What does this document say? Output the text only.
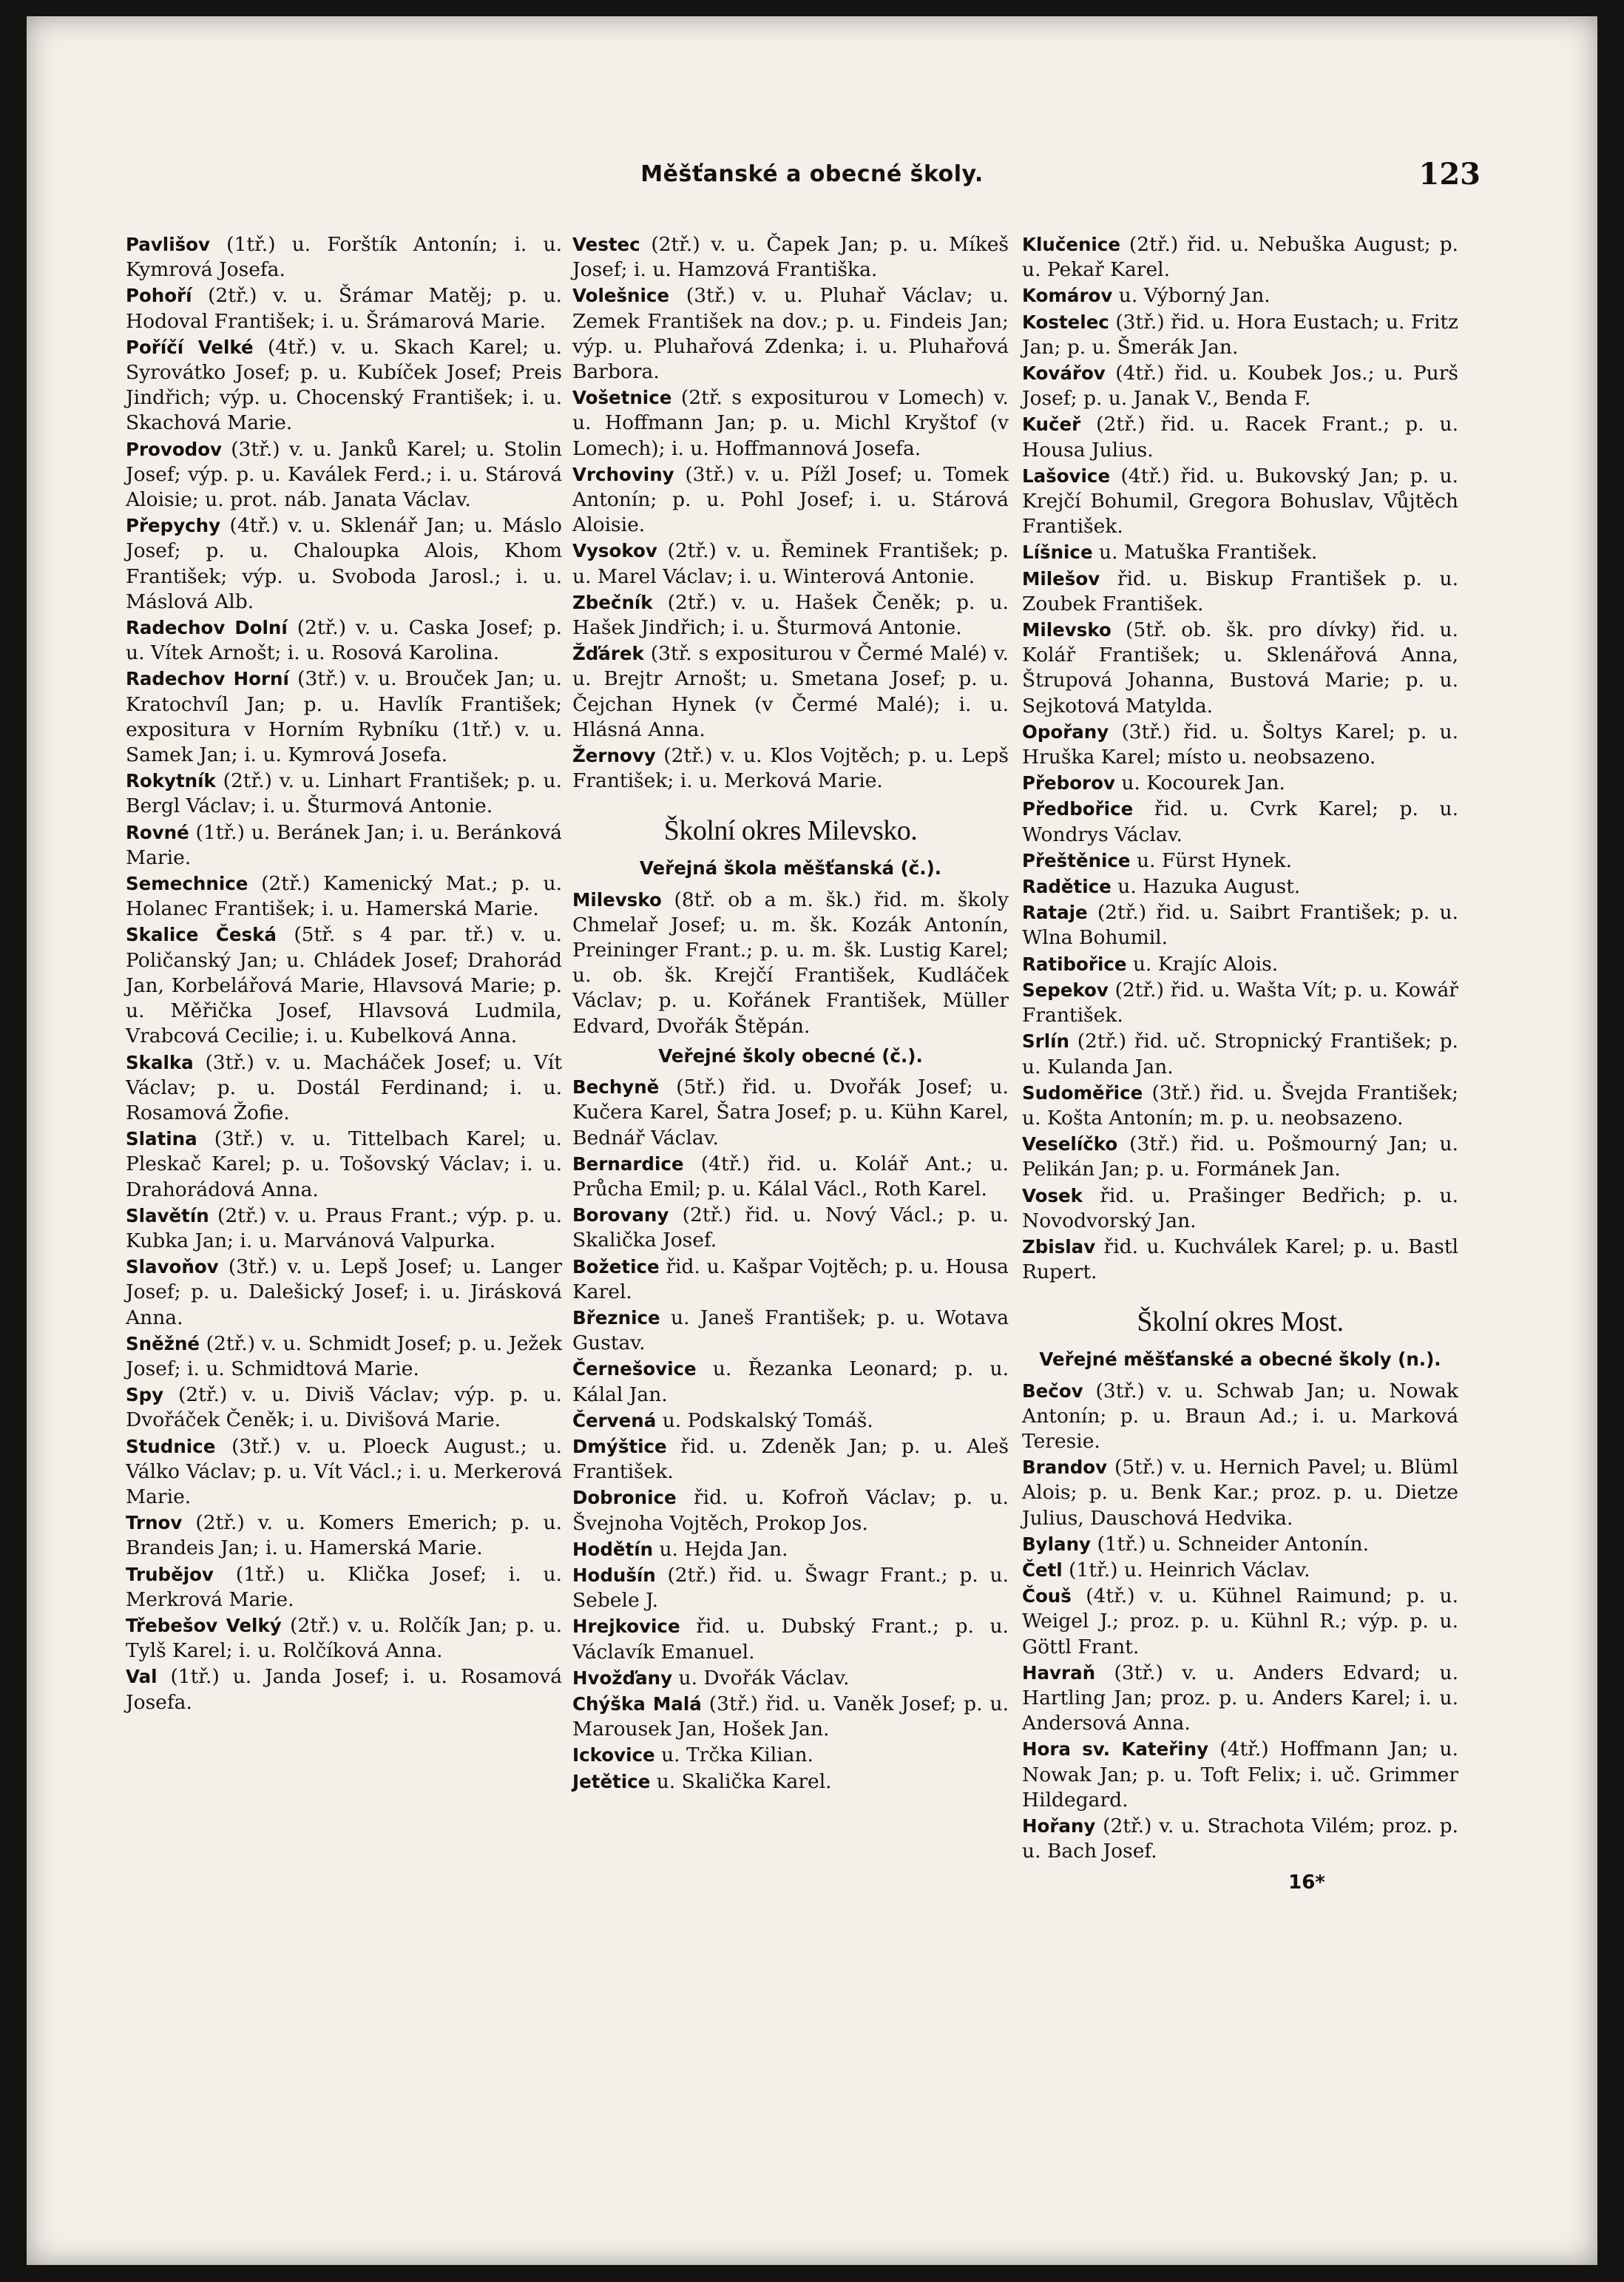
Měšťanské a obecné školy.	123

Pavlišov (1tř.) u. Forštík Antonín; i. u. Kymrová Josefa.

Pohoří (2tř.) v. u. Šrámar Matěj; p. u. Hodoval František; i. u. Šrámarová Marie.

Poříčí Velké (4tř.) v. u. Skach Karel; u. Syrovátko Josef; p. u. Kubíček Josef; Preis Jindřich; výp. u. Chocenský František; i. u. Skachová Marie.

Provodov (3tř.) v. u. Janků Karel; u. Stolin Josef; výp. p. u. Kaválek Ferd.; i. u. Stárová Aloisie; u. prot. náb. Janata Václav.

Přepychy (4tř.) v. u. Sklenář Jan; u. Máslo Josef; p. u. Chaloupka Alois, Khom František; výp. u. Svoboda Jarosl.; i. u. Máslová Alb.

Radechov Dolní (2tř.) v. u. Caska Josef; p. u. Vítek Arnošt; i. u. Rosová Karolina.

Radechov Horní (3tř.) v. u. Brouček Jan; u. Kratochvíl Jan; p. u. Havlík František; expositura v Horním Rybníku (1tř.) v. u. Samek Jan; i. u. Kymrová Josefa.

Rokytník (2tř.) v. u. Linhart František; p. u. Bergl Václav; i. u. Šturmová Antonie.

Rovné (1tř.) u. Beránek Jan; i. u. Beránková Marie.

Semechnice (2tř.) Kamenický Mat.; p. u. Holanec František; i. u. Hamerská Marie.

Skalice Česká (5tř. s 4 par. tř.) v. u. Poličanský Jan; u. Chládek Josef; Drahorád Jan, Korbelářová Marie, Hlavsová Marie; p. u. Měřička Josef, Hlavsová Ludmila, Vrabcová Cecilie; i. u. Kubelková Anna.

Skalka (3tř.) v. u. Macháček Josef; u. Vít Václav; p. u. Dostál Ferdinand; i. u. Rosamová Žofie.

Slatina (3tř.) v. u. Tittelbach Karel; u. Pleskač Karel; p. u. Tošovský Václav; i. u. Drahorádová Anna.

Slavětín (2tř.) v. u. Praus Frant.; výp. p. u. Kubka Jan; i. u. Marvánová Valpurka.

Slavoňov (3tř.) v. u. Lepš Josef; u. Langer Josef; p. u. Dalešický Josef; i. u. Jirásková Anna.

Sněžné (2tř.) v. u. Schmidt Josef; p. u. Ježek Josef; i. u. Schmidtová Marie.

Spy (2tř.) v. u. Diviš Václav; výp. p. u. Dvořáček Čeněk; i. u. Divišová Marie.

Studnice (3tř.) v. u. Ploeck August.; u. Válko Václav; p. u. Vít Václ.; i. u. Merkerová Marie.

Trnov (2tř.) v. u. Komers Emerich; p. u. Brandeis Jan; i. u. Hamerská Marie.

Trubějov (1tř.) u. Klička Josef; i. u. Merkrová Marie.

Třebešov Velký (2tř.) v. u. Rolčík Jan; p. u. Tylš Karel; i. u. Rolčíková Anna.

Val (1tř.) u. Janda Josef; i. u. Rosamová Josefa.

Vestec (2tř.) v. u. Čapek Jan; p. u. Míkeš Josef; i. u. Hamzová Františka.

Volešnice (3tř.) v. u. Pluhař Václav; u. Zemek František na dov.; p. u. Findeis Jan; výp. u. Pluhařová Zdenka; i. u. Pluhařová Barbora.

Vošetnice (2tř. s expositurou v Lomech) v. u. Hoffmann Jan; p. u. Michl Kryštof (v Lomech); i. u. Hoffmannová Josefa.

Vrchoviny (3tř.) v. u. Pížl Josef; u. Tomek Antonín; p. u. Pohl Josef; i. u. Stárová Aloisie.

Vysokov (2tř.) v. u. Řeminek František; p. u. Marel Václav; i. u. Winterová Antonie.

Zbečník (2tř.) v. u. Hašek Čeněk; p. u. Hašek Jindřich; i. u. Šturmová Antonie.

Žďárek (3tř. s expositurou v Čermé Malé) v. u. Brejtr Arnošt; u. Smetana Josef; p. u. Čejchan Hynek (v Čermé Malé); i. u. Hlásná Anna.

Žernovy (2tř.) v. u. Klos Vojtěch; p. u. Lepš František; i. u. Merková Marie.

Školní okres Milevsko.
Veřejná škola měšťanská (č.).

Milevsko (8tř. ob a m. šk.) řid. m. školy Chmelař Josef; u. m. šk. Kozák Antonín, Preininger Frant.; p. u. m. šk. Lustig Karel; u. ob. šk. Krejčí František, Kudláček Václav; p. u. Kořánek František, Müller Edvard, Dvořák Štěpán.

Veřejné školy obecné (č.).

Bechyně (5tř.) řid. u. Dvořák Josef; u. Kučera Karel, Šatra Josef; p. u. Kühn Karel, Bednář Václav.

Bernardice (4tř.) řid. u. Kolář Ant.; u. Průcha Emil; p. u. Kálal Václ., Roth Karel.

Borovany (2tř.) řid. u. Nový Václ.; p. u. Skalička Josef.

Božetice řid. u. Kašpar Vojtěch; p. u. Housa Karel.

Březnice u. Janeš František; p. u. Wotava Gustav.

Černešovice u. Řezanka Leonard; p. u. Kálal Jan.

Červená u. Podskalský Tomáš.

Dmýštice řid. u. Zdeněk Jan; p. u. Aleš František.

Dobronice řid. u. Kofroň Václav; p. u. Švejnoha Vojtěch, Prokop Jos.

Hodětín u. Hejda Jan.

Hodušín (2tř.) řid. u. Šwagr Frant.; p. u. Sebele J.

Hrejkovice řid. u. Dubský Frant.; p. u. Václavík Emanuel.

Hvožďany u. Dvořák Václav.

Chýška Malá (3tř.) řid. u. Vaněk Josef; p. u. Marousek Jan, Hošek Jan.

Ickovice u. Trčka Kilian.

Jetětice u. Skalička Karel.

Klučenice (2tř.) řid. u. Nebuška August; p. u. Pekař Karel.

Komárov u. Výborný Jan.

Kostelec (3tř.) řid. u. Hora Eustach; u. Fritz Jan; p. u. Šmerák Jan.

Kovářov (4tř.) řid. u. Koubek Jos.; u. Purš Josef; p. u. Janak V., Benda F.

Kučeř (2tř.) řid. u. Racek Frant.; p. u. Housa Julius.

Lašovice (4tř.) řid. u. Bukovský Jan; p. u. Krejčí Bohumil, Gregora Bohuslav, Vůjtěch František.

Líšnice u. Matuška František.

Milešov řid. u. Biskup František p. u. Zoubek František.

Milevsko (5tř. ob. šk. pro dívky) řid. u. Kolář František; u. Sklenářová Anna, Štrupová Johanna, Bustová Marie; p. u. Sejkotová Matylda.

Opořany (3tř.) řid. u. Šoltys Karel; p. u. Hruška Karel; místo u. neobsazeno.

Přeborov u. Kocourek Jan.

Předbořice řid. u. Cvrk Karel; p. u. Wondrys Václav.

Přeštěnice u. Fürst Hynek.

Radětice u. Hazuka August.

Rataje (2tř.) řid. u. Saibrt František; p. u. Wlna Bohumil.

Ratibořice u. Krajíc Alois.

Sepekov (2tř.) řid. u. Wašta Vít; p. u. Kowář František.

Srlín (2tř.) řid. uč. Stropnický František; p. u. Kulanda Jan.

Sudoměřice (3tř.) řid. u. Švejda František; u. Košta Antonín; m. p. u. neobsazeno.

Veselíčko (3tř.) řid. u. Pošmourný Jan; u. Pelikán Jan; p. u. Formánek Jan.

Vosek řid. u. Prašinger Bedřich; p. u. Novodvorský Jan.

Zbislav řid. u. Kuchválek Karel; p. u. Bastl Rupert.

Školní okres Most.
Veřejné měšťanské a obecné školy (n.).

Bečov (3tř.) v. u. Schwab Jan; u. Nowak Antonín; p. u. Braun Ad.; i. u. Marková Teresie.

Brandov (5tř.) v. u. Hernich Pavel; u. Blüml Alois; p. u. Benk Kar.; proz. p. u. Dietze Julius, Dauschová Hedvika.

Bylany (1tř.) u. Schneider Antonín.

Četl (1tř.) u. Heinrich Václav.

Čouš (4tř.) v. u. Kühnel Raimund; p. u. Weigel J.; proz. p. u. Kühnl R.; výp. p. u. Göttl Frant.

Havraň (3tř.) v. u. Anders Edvard; u. Hartling Jan; proz. p. u. Anders Karel; i. u. Andersová Anna.

Hora sv. Kateřiny (4tř.) Hoffmann Jan; u. Nowak Jan; p. u. Toft Felix; i. uč. Grimmer Hildegard.

Hořany (2tř.) v. u. Strachota Vilém; proz. p. u. Bach Josef.

16*
